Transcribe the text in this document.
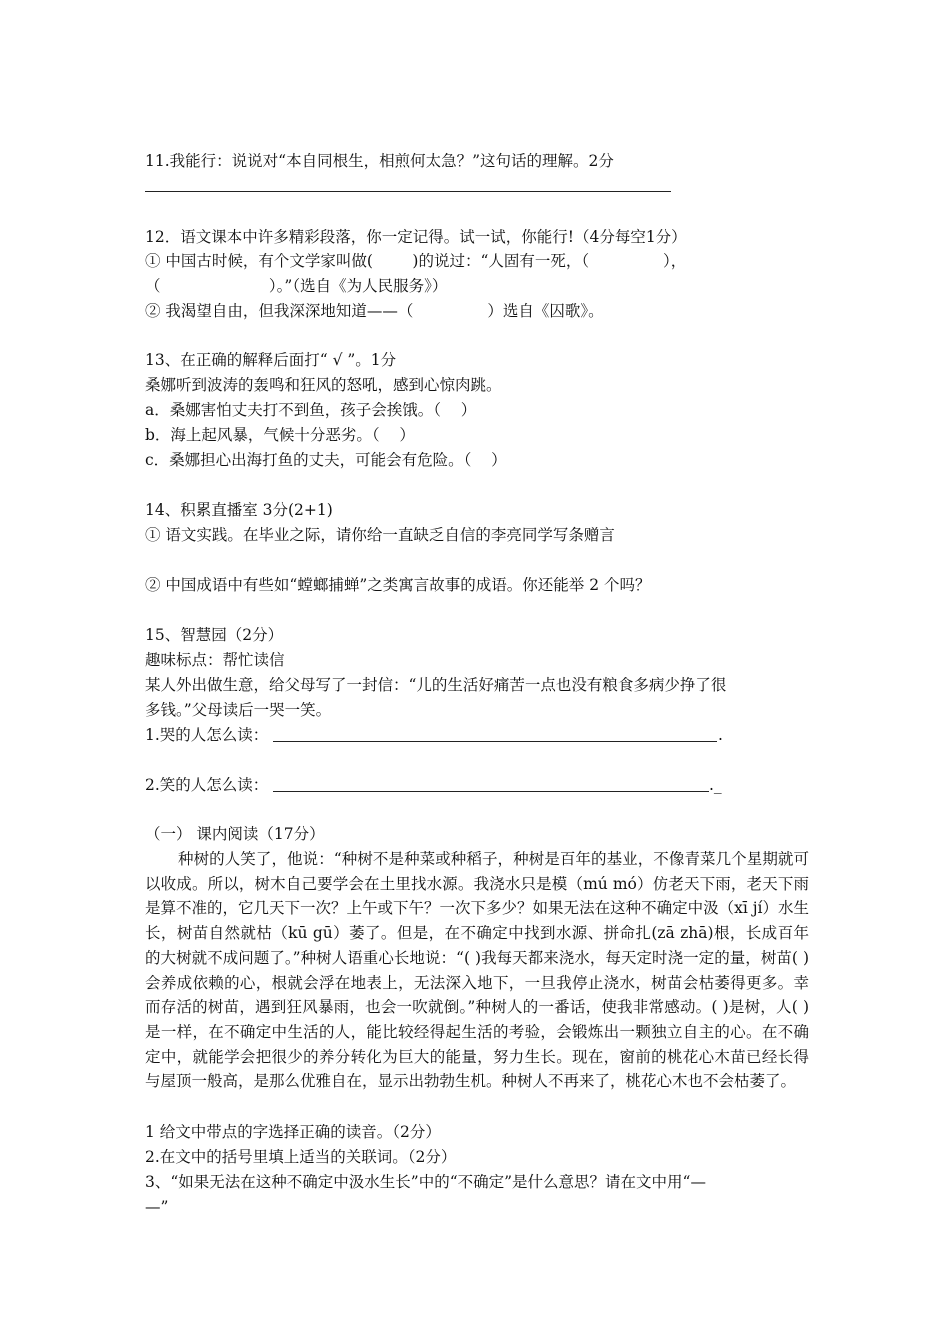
11.我能行：说说对“本自同根生，相煎何太急？”这句话的理解。2分
12．语文课本中许多精彩段落，你一定记得。试一试，你能行!（4分每空1分）
① 中国古时候，有个文学家叫做(        )的说过：“人固有一死，（               ），
（                      ）。”（选自《为人民服务》）
② 我渴望自由，但我深深地知道——（               ）选自《囚歌》。
13、在正确的解释后面打“ √ ”。1分
桑娜听到波涛的轰鸣和狂风的怒吼，感到心惊肉跳。
a．桑娜害怕丈夫打不到鱼，孩子会挨饿。（    ）
b．海上起风暴，气候十分恶劣。（    ）
c．桑娜担心出海打鱼的丈夫，可能会有危险。（    ）
14、积累直播室 3分(2+1)
① 语文实践。在毕业之际，请你给一直缺乏自信的李亮同学写条赠言
② 中国成语中有些如“螳螂捕蝉”之类寓言故事的成语。你还能举 2 个吗？
15、智慧园（2分）
趣味标点：帮忙读信
某人外出做生意，给父母写了一封信：“儿的生活好痛苦一点也没有粮食多病少挣了很
多钱。”父母读后一哭一笑。
1.哭的人怎么读：	.
2.笑的人怎么读：	._
（一） 课内阅读（17分）
种树的人笑了，他说：“种树不是种菜或种稻子，种树是百年的基业，不像青菜几个星期就可以收成。所以，树木自己要学会在土里找水源。我浇水只是模（mú mó）仿老天下雨，老天下雨是算不准的，它几天下一次？上午或下午？一次下多少？如果无法在这种不确定中汲（xī jí）水生长，树苗自然就枯（kū gū）萎了。但是，在不确定中找到水源、拼命扎(zā zhā)根，长成百年的大树就不成问题了。”种树人语重心长地说：“( )我每天都来浇水，每天定时浇一定的量，树苗( )会养成依赖的心，根就会浮在地表上，无法深入地下，一旦我停止浇水，树苗会枯萎得更多。幸而存活的树苗，遇到狂风暴雨，也会一吹就倒。”种树人的一番话，使我非常感动。( )是树，人( )是一样，在不确定中生活的人，能比较经得起生活的考验，会锻炼出一颗独立自主的心。在不确定中，就能学会把很少的养分转化为巨大的能量，努力生长。现在，窗前的桃花心木苗已经长得与屋顶一般高，是那么优雅自在，显示出勃勃生机。种树人不再来了，桃花心木也不会枯萎了。
1 给文中带点的字选择正确的读音。（2分）
2.在文中的括号里填上适当的关联词。（2分）
3、“如果无法在这种不确定中汲水生长”中的“不确定”是什么意思？请在文中用“—
—”
